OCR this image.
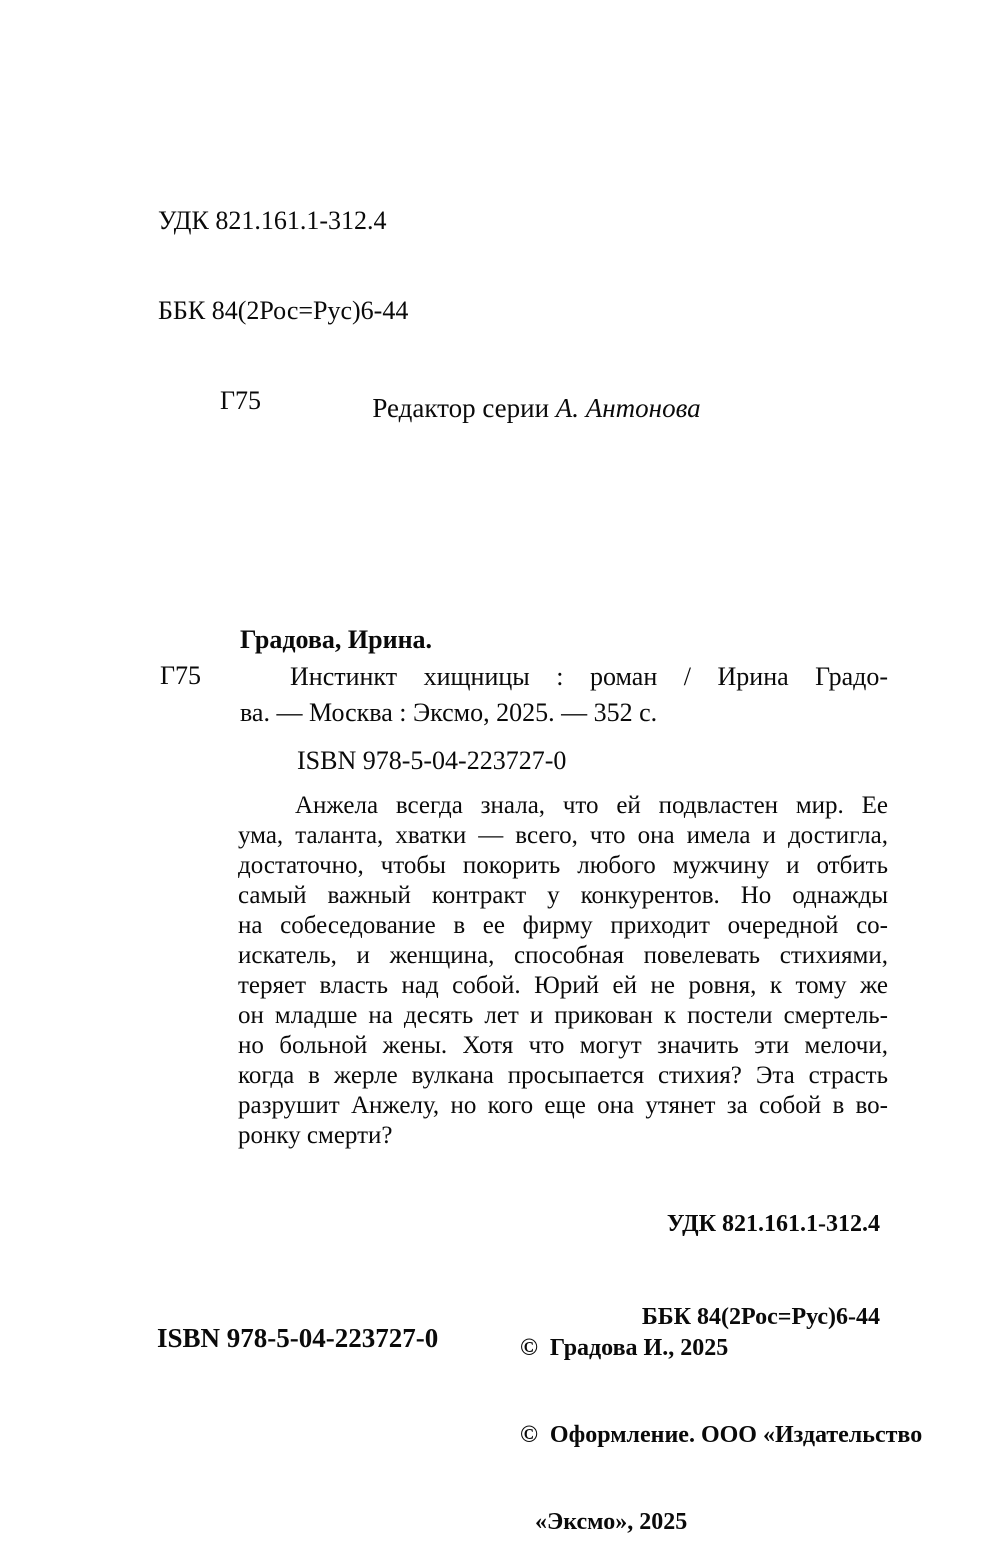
УДК 821.161.1-312.4

ББК 84(2Рос=Рус)6-44

Г75

	Редактор серии А. Антонова

Г75
Градова, Ирина.
Инстинкт хищницы : роман / Ирина Градо-
ва. — Москва : Эксмо, 2025. — 352 с.
ISBN 978-5-04-223727-0
Анжела всегда знала, что ей подвластен мир. Ее
ума, таланта, хватки — всего, что она имела и достигла,
достаточно, чтобы покорить любого мужчину и отбить
самый важный контракт у конкурентов. Но однажды
на собеседование в ее фирму приходит очередной со-
искатель, и женщина, способная повелевать стихиями,
теряет власть над собой. Юрий ей не ровня, к тому же
он младше на десять лет и прикован к постели смертель-
но больной жены. Хотя что могут значить эти мелочи,
когда в жерле вулкана просыпается стихия? Эта страсть
разрушит Анжелу, но кого еще она утянет за собой в во-
ронку смерти?

УДК 821.161.1-312.4

ББК 84(2Рос=Рус)6-44

ISBN 978-5-04-223727-0

	©  Градова И., 2025

©  Оформление. ООО «Издательство

«Эксмо», 2025
